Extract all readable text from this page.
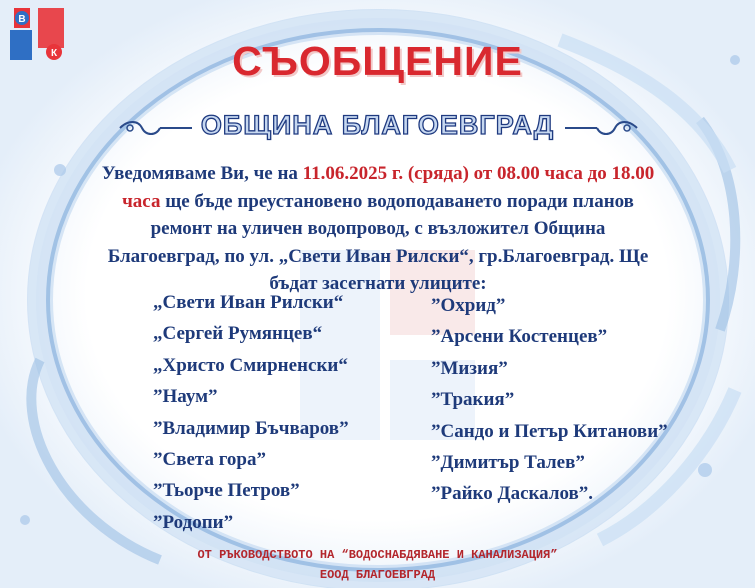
В
К	СЪОБЩЕНИЕ
ОБЩИНА БЛАГОЕВГРАД
Уведомяваме Ви, че на 11.06.2025 г. (сряда) от 08.00 часа до 18.00 часа ще бъде преустановено водоподаването поради планов ремонт на уличен водопровод, с възложител Община Благоевград, по ул. „Свети Иван Рилски“, гр.Благоевград. Ще бъдат засегнати улиците:
„Свети Иван Рилски“
„Сергей Румянцев“
„Христо Смирненски“
”Наум”
”Владимир Бъчваров”
”Света гора”
”Тьорче Петров”
”Родопи”
”Охрид”
”Арсени Костенцев”
”Мизия”
”Тракия”
”Сандо и Петър Китанови”
”Димитър Талев”
”Райко Даскалов”.
ОТ РЪКОВОДСТВОТО НА “ВОДОСНАБДЯВАНЕ И КАНАЛИЗАЦИЯ”
ЕООД БЛАГОЕВГРАД
